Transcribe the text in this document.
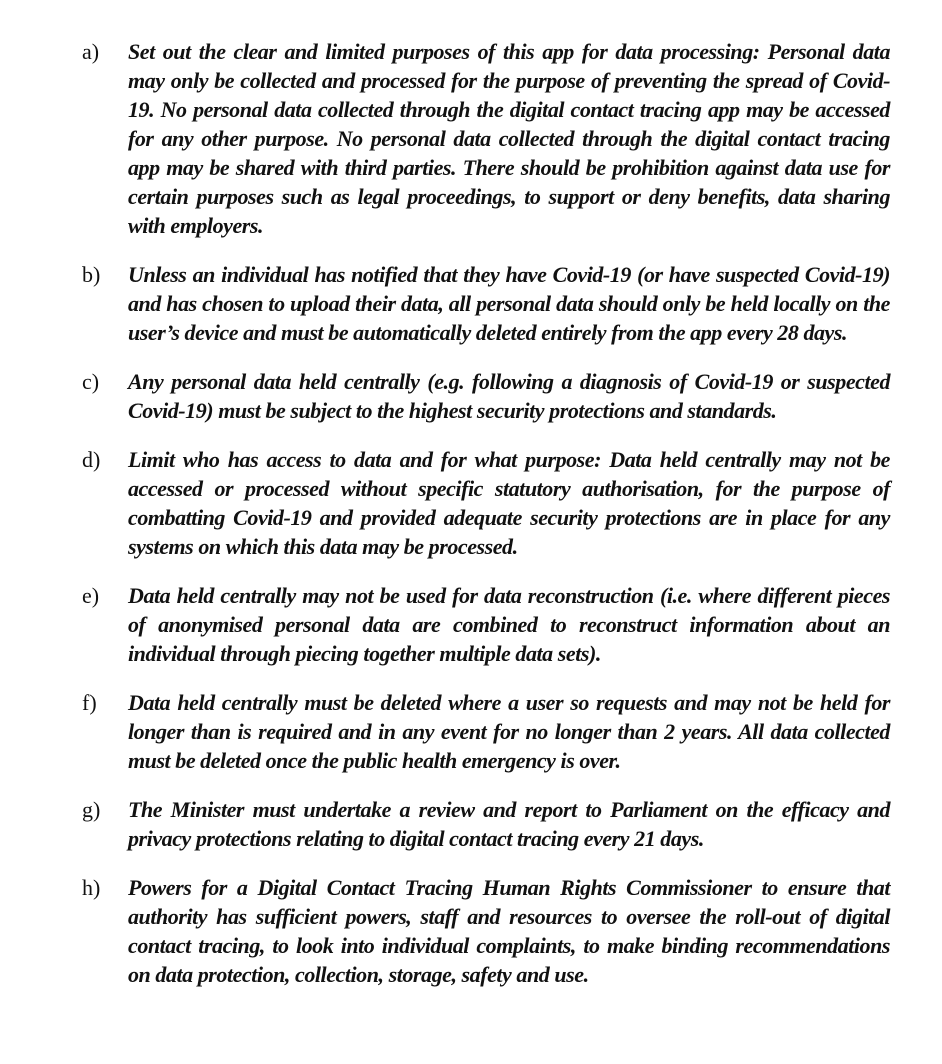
a) Set out the clear and limited purposes of this app for data processing: Personal data may only be collected and processed for the purpose of preventing the spread of Covid-19. No personal data collected through the digital contact tracing app may be accessed for any other purpose. No personal data collected through the digital contact tracing app may be shared with third parties. There should be prohibition against data use for certain purposes such as legal proceedings, to support or deny benefits, data sharing with employers.
b) Unless an individual has notified that they have Covid-19 (or have suspected Covid-19) and has chosen to upload their data, all personal data should only be held locally on the user’s device and must be automatically deleted entirely from the app every 28 days.
c) Any personal data held centrally (e.g. following a diagnosis of Covid-19 or suspected Covid-19) must be subject to the highest security protections and standards.
d) Limit who has access to data and for what purpose: Data held centrally may not be accessed or processed without specific statutory authorisation, for the purpose of combatting Covid-19 and provided adequate security protections are in place for any systems on which this data may be processed.
e) Data held centrally may not be used for data reconstruction (i.e. where different pieces of anonymised personal data are combined to reconstruct information about an individual through piecing together multiple data sets).
f) Data held centrally must be deleted where a user so requests and may not be held for longer than is required and in any event for no longer than 2 years. All data collected must be deleted once the public health emergency is over.
g) The Minister must undertake a review and report to Parliament on the efficacy and privacy protections relating to digital contact tracing every 21 days.
h) Powers for a Digital Contact Tracing Human Rights Commissioner to ensure that authority has sufficient powers, staff and resources to oversee the roll-out of digital contact tracing, to look into individual complaints, to make binding recommendations on data protection, collection, storage, safety and use.
